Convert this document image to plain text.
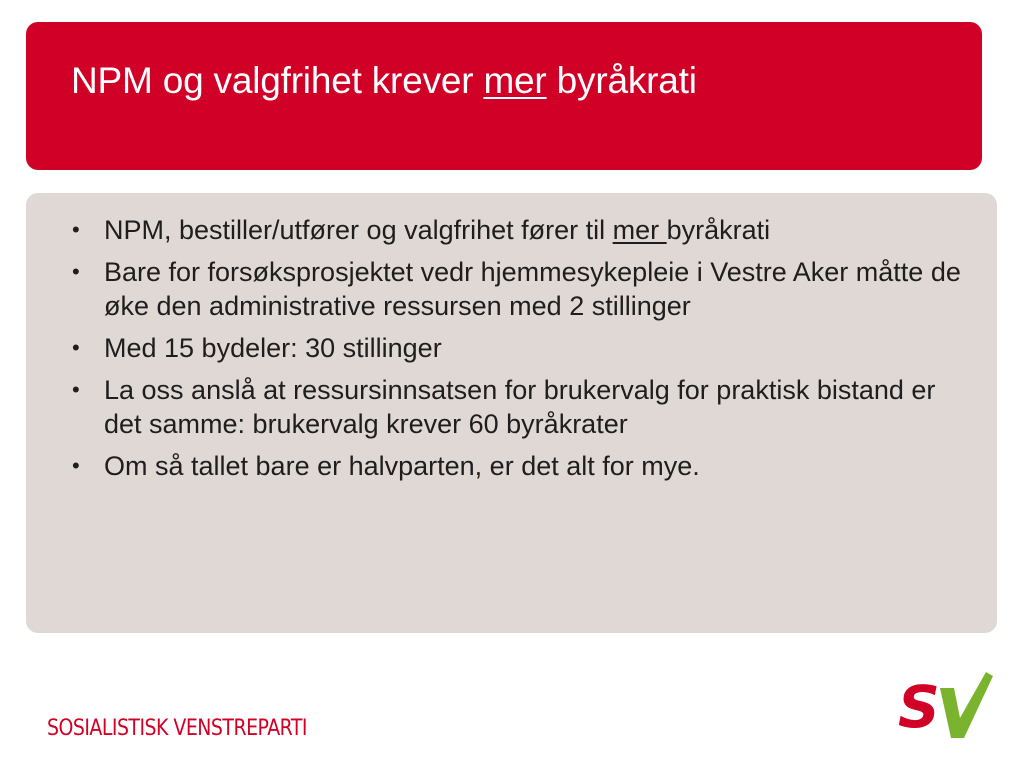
NPM og valgfrihet krever mer byråkrati
• NPM, bestiller/utfører og valgfrihet fører til mer byråkrati
• Bare for forsøksprosjektet vedr hjemmesykepleie i Vestre Aker måtte de øke den administrative ressursen med 2 stillinger
• Med 15 bydeler: 30 stillinger
• La oss anslå at ressursinnsatsen for brukervalg for praktisk bistand er det samme: brukervalg krever 60 byråkrater
• Om så tallet bare er halvparten, er det alt for mye.

SOSIALISTISK VENSTREPARTI	S
